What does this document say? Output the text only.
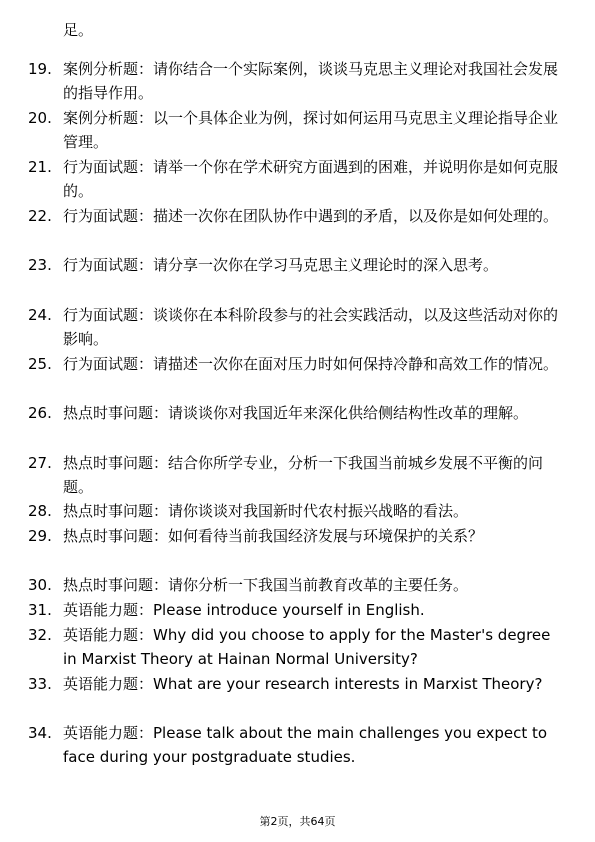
足。
19. 案例分析题：请你结合一个实际案例，谈谈马克思主义理论对我国社会发展的指导作用。
20. 案例分析题：以一个具体企业为例，探讨如何运用马克思主义理论指导企业管理。
21. 行为面试题：请举一个你在学术研究方面遇到的困难，并说明你是如何克服的。
22. 行为面试题：描述一次你在团队协作中遇到的矛盾，以及你是如何处理的。
23. 行为面试题：请分享一次你在学习马克思主义理论时的深入思考。
24. 行为面试题：谈谈你在本科阶段参与的社会实践活动，以及这些活动对你的影响。
25. 行为面试题：请描述一次你在面对压力时如何保持冷静和高效工作的情况。
26. 热点时事问题：请谈谈你对我国近年来深化供给侧结构性改革的理解。
27. 热点时事问题：结合你所学专业，分析一下我国当前城乡发展不平衡的问题。
28. 热点时事问题：请你谈谈对我国新时代农村振兴战略的看法。
29. 热点时事问题：如何看待当前我国经济发展与环境保护的关系？
30. 热点时事问题：请你分析一下我国当前教育改革的主要任务。
31. 英语能力题：Please introduce yourself in English.
32. 英语能力题：Why did you choose to apply for the Master's degree in Marxist Theory at Hainan Normal University?
33. 英语能力题：What are your research interests in Marxist Theory?
34. 英语能力题：Please talk about the main challenges you expect to face during your postgraduate studies.
第2页，共64页
